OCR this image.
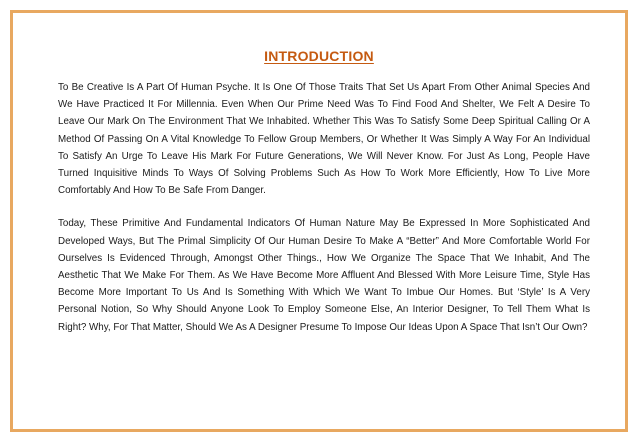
INTRODUCTION

To Be Creative Is A Part Of Human Psyche. It Is One Of Those Traits That Set Us Apart From Other Animal Species And We Have Practiced It For Millennia. Even When Our Prime Need Was To Find Food And Shelter, We Felt A Desire To Leave Our Mark On The Environment That We Inhabited. Whether This Was To Satisfy Some Deep Spiritual Calling Or A Method Of Passing On A Vital Knowledge To Fellow Group Members, Or Whether It Was Simply A Way For An Individual To Satisfy An Urge To Leave His Mark For Future Generations, We Will Never Know. For Just As Long, People Have Turned Inquisitive Minds To Ways Of Solving Problems Such As How To Work More Efficiently, How To Live More Comfortably And How To Be Safe From Danger.

Today, These Primitive And Fundamental Indicators Of Human Nature May Be Expressed In More Sophisticated And Developed Ways, But The Primal Simplicity Of Our Human Desire To Make A “Better” And More Comfortable World For Ourselves Is Evidenced Through, Amongst Other Things., How We Organize The Space That We Inhabit, And The Aesthetic That We Make For Them. As We Have Become More Affluent And Blessed With More Leisure Time, Style Has Become More Important To Us And Is Something With Which We Want To Imbue Our Homes. But ‘Style’ Is A Very Personal Notion, So Why Should Anyone Look To Employ Someone Else, An Interior Designer, To Tell Them What Is Right? Why, For That Matter, Should We As A Designer Presume To Impose Our Ideas Upon A Space That Isn’t Our Own?
